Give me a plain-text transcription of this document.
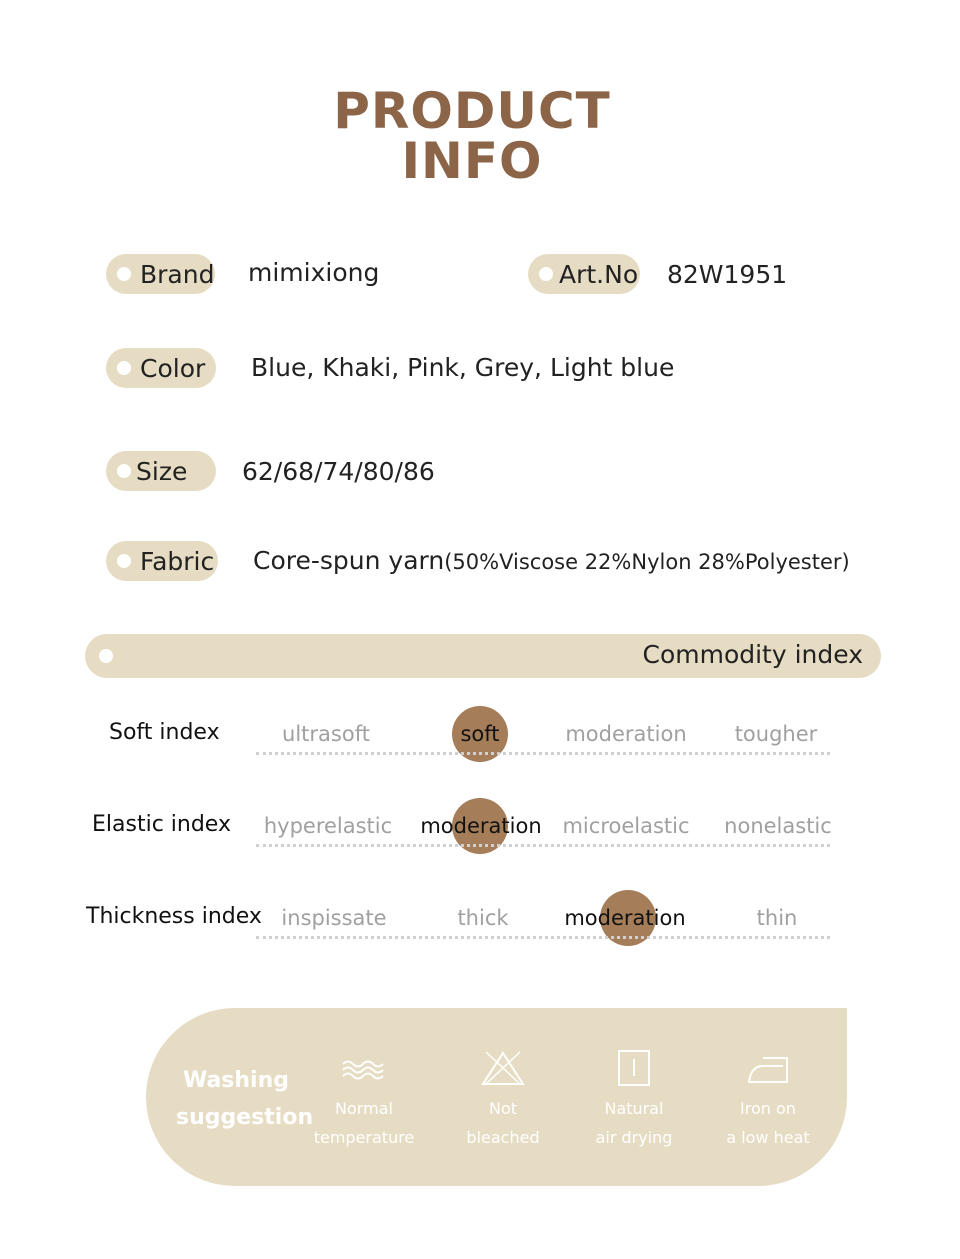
PRODUCT
INFO
Brand mimixiong	Art.No 82W1951
Color Blue, Khaki, Pink, Grey, Light blue
Size 62/68/74/80/86
Fabric Core-spun yarn(50%Viscose 22%Nylon 28%Polyester)
Commodity index
Soft index	ultrasoft	soft	moderation tougher
Elastic index hyperelastic moderation microelastic nonelastic
Thickness index inspissate	thick	moderation	thin
Washing
suggestion	Normal
temperature
Not
bleached
Natural
air drying
Iron on
a low heat
